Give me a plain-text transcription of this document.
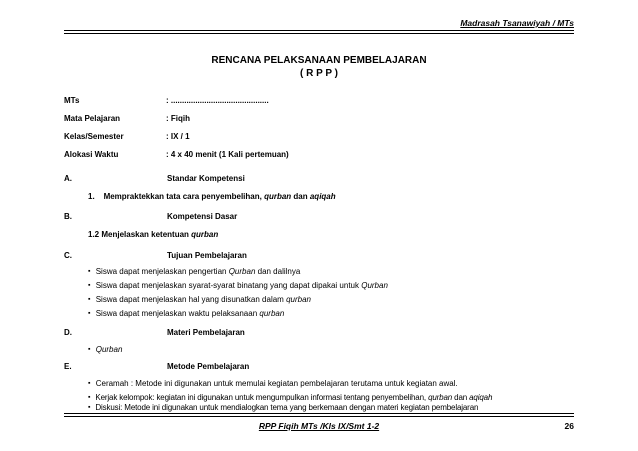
Madrasah Tsanawiyah / MTs
RENCANA PELAKSANAAN PEMBELAJARAN
( R P P )
MTs	: ............................................
Mata Pelajaran	: Fiqih
Kelas/Semester	: IX / 1
Alokasi Waktu	: 4 x 40 menit (1 Kali pertemuan)
A.	Standar Kompetensi
1. Mempraktekkan tata cara penyembelihan, qurban dan aqiqah
B.	Kompetensi Dasar
1.2 Menjelaskan ketentuan qurban
C.	Tujuan Pembelajaran
▪ Siswa dapat menjelaskan pengertian Qurban dan dalilnya
▪ Siswa dapat menjelaskan syarat-syarat binatang yang dapat dipakai untuk Qurban
▪ Siswa dapat menjelaskan hal yang disunatkan dalam qurban
▪ Siswa dapat menjelaskan waktu pelaksanaan qurban
D.	Materi Pembelajaran
▪ Qurban
E.	Metode Pembelajaran
▪ Ceramah : Metode ini digunakan untuk memulai kegiatan pembelajaran terutama untuk kegiatan awal.
▪ Kerjak kelompok: kegiatan ini digunakan untuk mengumpulkan informasi tentang penyembelihan, qurban dan aqiqah
▪ Diskusi: Metode ini digunakan untuk mendialogkan tema yang berkemaan dengan materi kegiatan pembelajaran
RPP Fiqih MTs /Kls IX/Smt 1-2	26
